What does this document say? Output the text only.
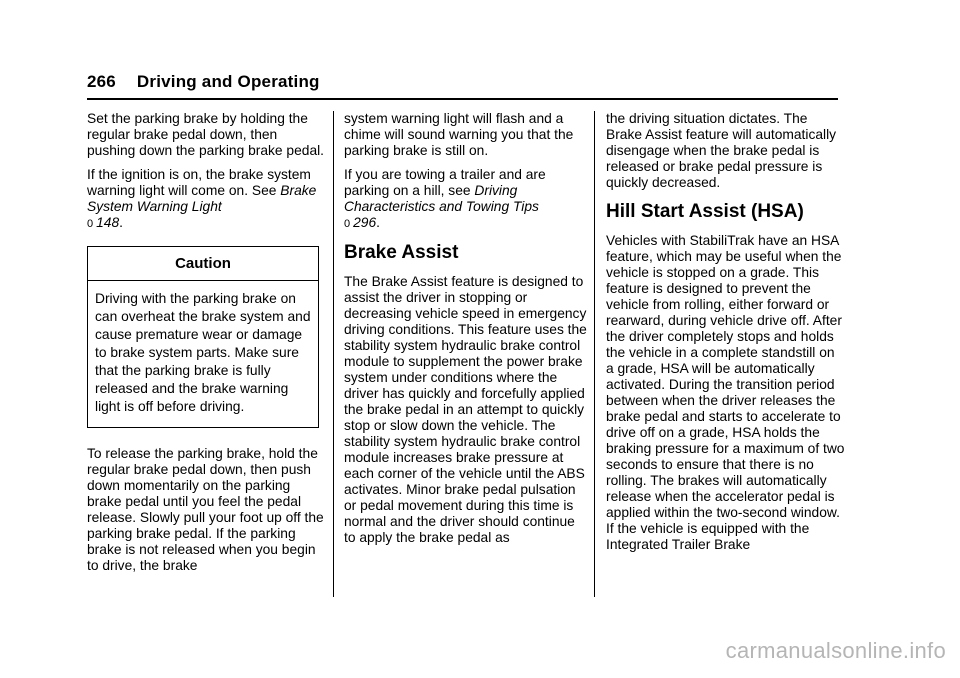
266 Driving and Operating

Set the parking brake by holding the regular brake pedal down, then pushing down the parking brake pedal.

If the ignition is on, the brake system warning light will come on. See Brake System Warning Light
0 148.

Caution
Driving with the parking brake on can overheat the brake system and cause premature wear or damage to brake system parts. Make sure that the parking brake is fully released and the brake warning light is off before driving.

To release the parking brake, hold the regular brake pedal down, then push down momentarily on the parking brake pedal until you feel the pedal release. Slowly pull your foot up off the parking brake pedal. If the parking brake is not released when you begin to drive, the brake

system warning light will flash and a chime will sound warning you that the parking brake is still on.

If you are towing a trailer and are parking on a hill, see Driving Characteristics and Towing Tips
0 296.

Brake Assist

The Brake Assist feature is designed to assist the driver in stopping or decreasing vehicle speed in emergency driving conditions. This feature uses the stability system hydraulic brake control module to supplement the power brake system under conditions where the driver has quickly and forcefully applied the brake pedal in an attempt to quickly stop or slow down the vehicle. The stability system hydraulic brake control module increases brake pressure at each corner of the vehicle until the ABS activates. Minor brake pedal pulsation or pedal movement during this time is normal and the driver should continue to apply the brake pedal as

the driving situation dictates. The Brake Assist feature will automatically disengage when the brake pedal is released or brake pedal pressure is quickly decreased.

Hill Start Assist (HSA)

Vehicles with StabiliTrak have an HSA feature, which may be useful when the vehicle is stopped on a grade. This feature is designed to prevent the vehicle from rolling, either forward or rearward, during vehicle drive off. After the driver completely stops and holds the vehicle in a complete standstill on a grade, HSA will be automatically activated. During the transition period between when the driver releases the brake pedal and starts to accelerate to drive off on a grade, HSA holds the braking pressure for a maximum of two seconds to ensure that there is no rolling. The brakes will automatically release when the accelerator pedal is applied within the two-second window. If the vehicle is equipped with the Integrated Trailer Brake

carmanualsonline.info
